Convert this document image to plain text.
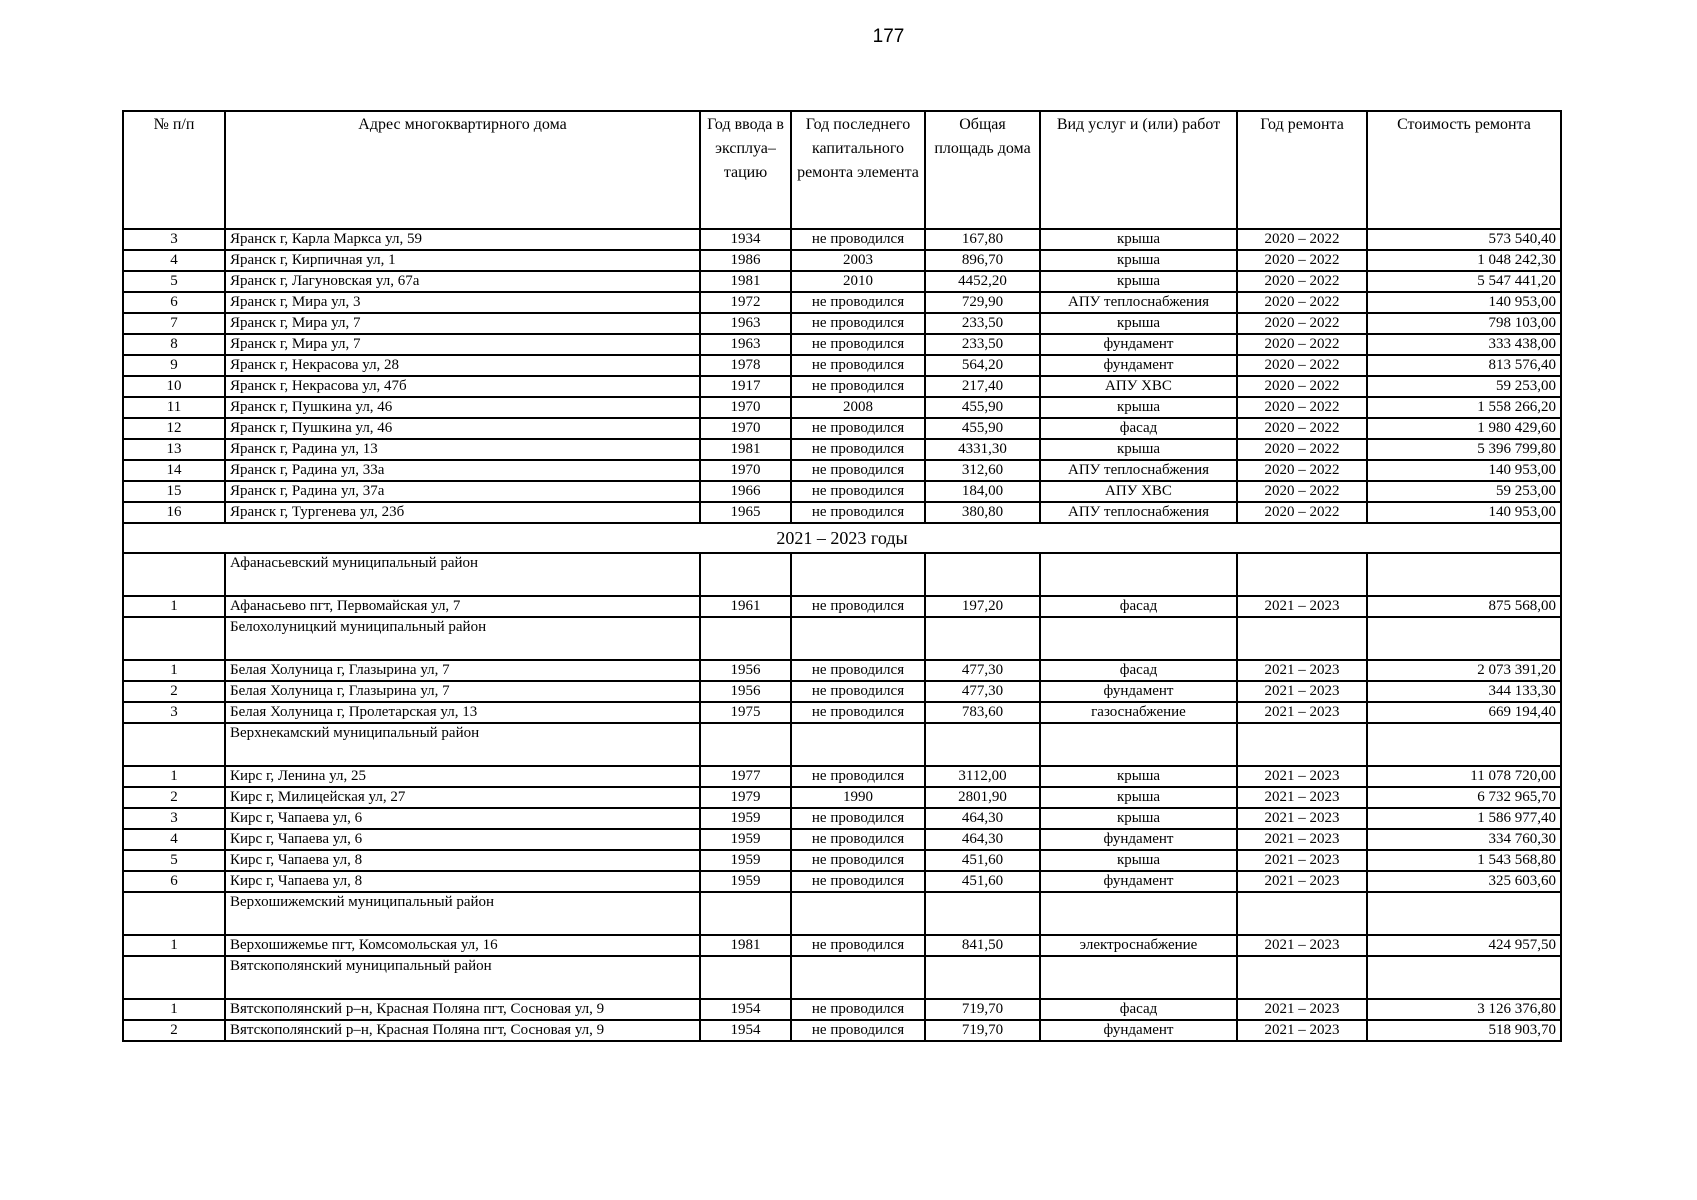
177
№ п/п	Адрес многоквартирного дома	Год ввода в эксплуа– тацию	Год последнего капитального ремонта элемента	Общая площадь дома	Вид услуг и (или) работ	Год ремонта	Стоимость ремонта
3	Яранск г, Карла Маркса ул, 59	1934	не проводился	167,80	крыша	2020 – 2022	573 540,40
4	Яранск г, Кирпичная ул, 1	1986	2003	896,70	крыша	2020 – 2022	1 048 242,30
5	Яранск г, Лагуновская ул, 67а	1981	2010	4452,20	крыша	2020 – 2022	5 547 441,20
6	Яранск г, Мира ул, 3	1972	не проводился	729,90	АПУ теплоснабжения	2020 – 2022	140 953,00
7	Яранск г, Мира ул, 7	1963	не проводился	233,50	крыша	2020 – 2022	798 103,00
8	Яранск г, Мира ул, 7	1963	не проводился	233,50	фундамент	2020 – 2022	333 438,00
9	Яранск г, Некрасова ул, 28	1978	не проводился	564,20	фундамент	2020 – 2022	813 576,40
10	Яранск г, Некрасова ул, 47б	1917	не проводился	217,40	АПУ ХВС	2020 – 2022	59 253,00
11	Яранск г, Пушкина ул, 46	1970	2008	455,90	крыша	2020 – 2022	1 558 266,20
12	Яранск г, Пушкина ул, 46	1970	не проводился	455,90	фасад	2020 – 2022	1 980 429,60
13	Яранск г, Радина ул, 13	1981	не проводился	4331,30	крыша	2020 – 2022	5 396 799,80
14	Яранск г, Радина ул, 33а	1970	не проводился	312,60	АПУ теплоснабжения	2020 – 2022	140 953,00
15	Яранск г, Радина ул, 37а	1966	не проводился	184,00	АПУ ХВС	2020 – 2022	59 253,00
16	Яранск г, Тургенева ул, 23б	1965	не проводился	380,80	АПУ теплоснабжения	2020 – 2022	140 953,00
2021 – 2023 годы							
	Афанасьевский муниципальный район						
1	Афанасьево пгт, Первомайская ул, 7	1961	не проводился	197,20	фасад	2021 – 2023	875 568,00
	Белохолуницкий муниципальный район						
1	Белая Холуница г, Глазырина ул, 7	1956	не проводился	477,30	фасад	2021 – 2023	2 073 391,20
2	Белая Холуница г, Глазырина ул, 7	1956	не проводился	477,30	фундамент	2021 – 2023	344 133,30
3	Белая Холуница г, Пролетарская ул, 13	1975	не проводился	783,60	газоснабжение	2021 – 2023	669 194,40
	Верхнекамский муниципальный район						
1	Кирс г, Ленина ул, 25	1977	не проводился	3112,00	крыша	2021 – 2023	11 078 720,00
2	Кирс г, Милицейская ул, 27	1979	1990	2801,90	крыша	2021 – 2023	6 732 965,70
3	Кирс г, Чапаева ул, 6	1959	не проводился	464,30	крыша	2021 – 2023	1 586 977,40
4	Кирс г, Чапаева ул, 6	1959	не проводился	464,30	фундамент	2021 – 2023	334 760,30
5	Кирс г, Чапаева ул, 8	1959	не проводился	451,60	крыша	2021 – 2023	1 543 568,80
6	Кирс г, Чапаева ул, 8	1959	не проводился	451,60	фундамент	2021 – 2023	325 603,60
	Верхошижемский муниципальный район						
1	Верхошижемье пгт, Комсомольская ул, 16	1981	не проводился	841,50	электроснабжение	2021 – 2023	424 957,50
	Вятскополянский муниципальный район						
1	Вятскополянский р–н, Красная Поляна пгт, Сосновая ул, 9	1954	не проводился	719,70	фасад	2021 – 2023	3 126 376,80
2	Вятскополянский р–н, Красная Поляна пгт, Сосновая ул, 9	1954	не проводился	719,70	фундамент	2021 – 2023	518 903,70
